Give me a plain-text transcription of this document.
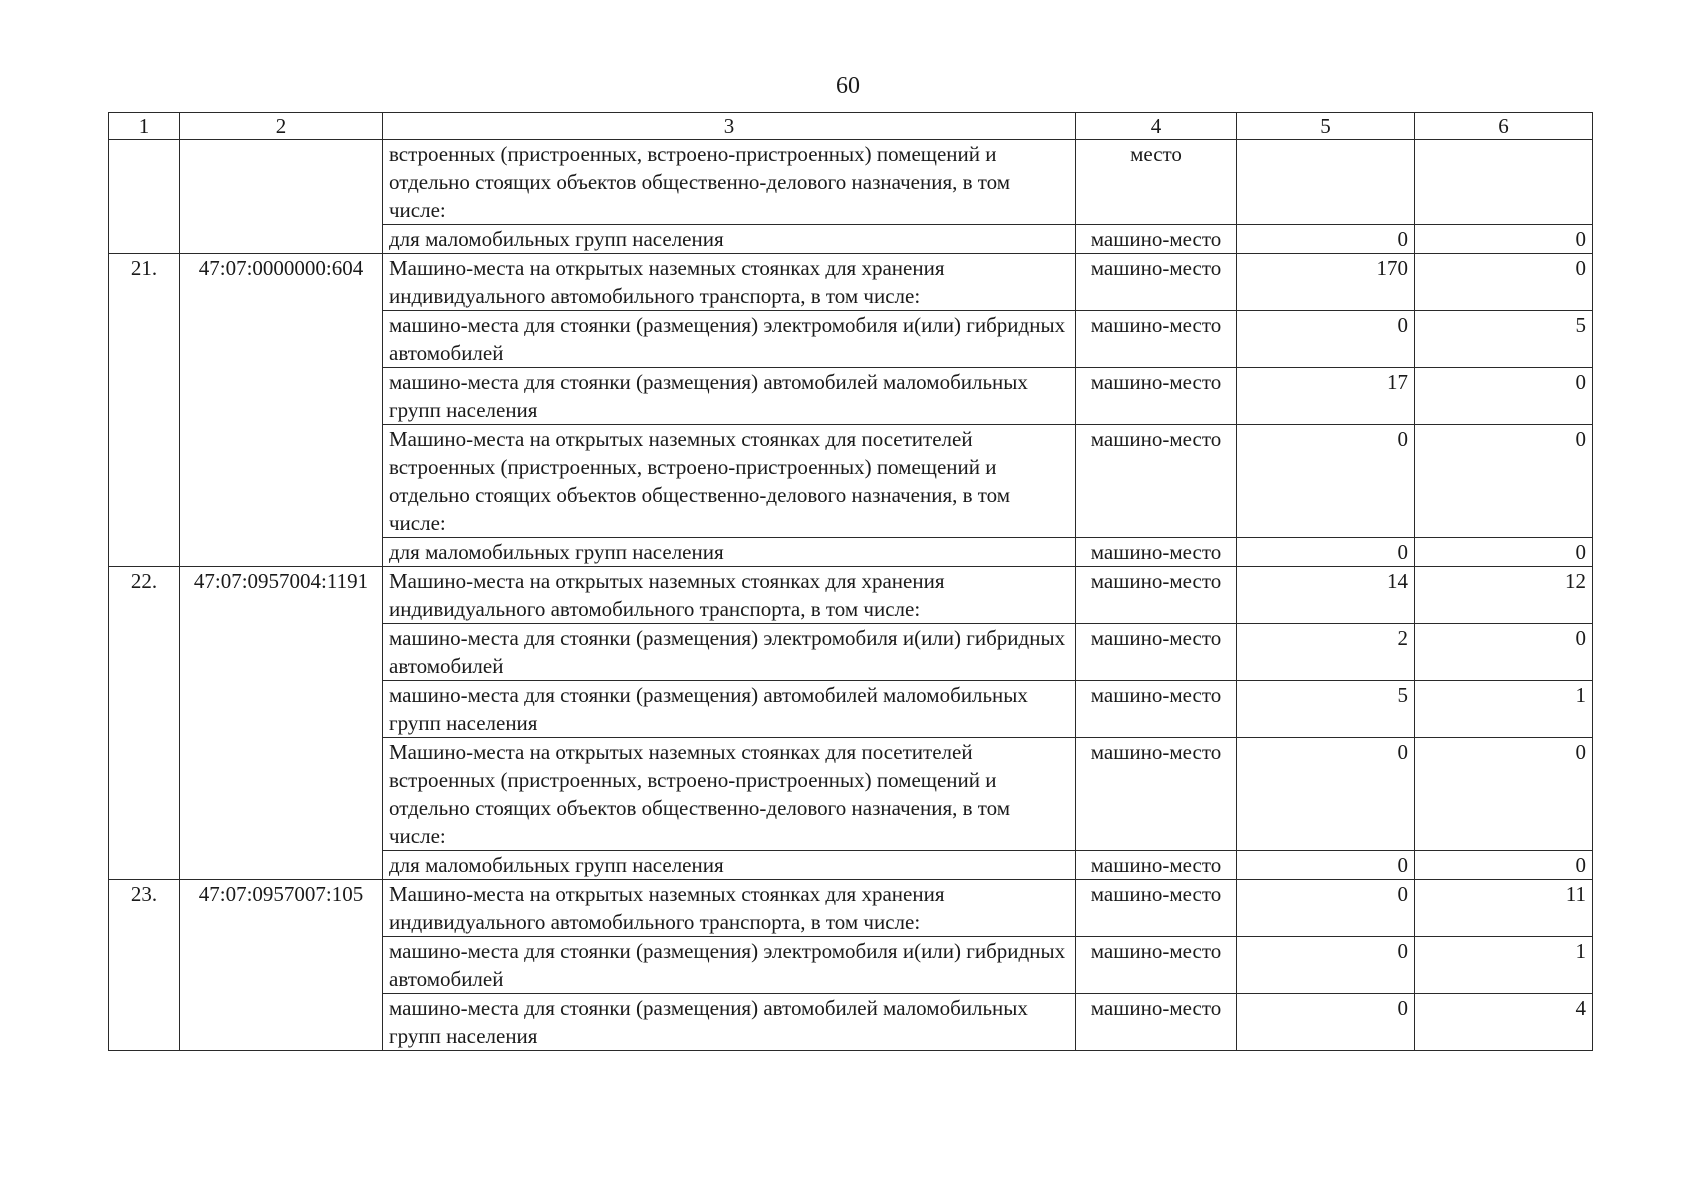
60
1	2	3	4	5	6
		встроенных (пристроенных, встроено-пристроенных) помещений и отдельно стоящих объектов общественно-делового назначения, в том числе:	место		
		для маломобильных групп населения	машино-место	0	0
21.	47:07:0000000:604	Машино-места на открытых наземных стоянках для хранения индивидуального автомобильного транспорта, в том числе:	машино-место	170	0
		машино-места для стоянки (размещения) электромобиля и(или) гибридных автомобилей	машино-место	0	5
		машино-места для стоянки (размещения) автомобилей маломобильных групп населения	машино-место	17	0
		Машино-места на открытых наземных стоянках для посетителей встроенных (пристроенных, встроено-пристроенных) помещений и отдельно стоящих объектов общественно-делового назначения, в том числе:	машино-место	0	0
		для маломобильных групп населения	машино-место	0	0
22.	47:07:0957004:1191	Машино-места на открытых наземных стоянках для хранения индивидуального автомобильного транспорта, в том числе:	машино-место	14	12
		машино-места для стоянки (размещения) электромобиля и(или) гибридных автомобилей	машино-место	2	0
		машино-места для стоянки (размещения) автомобилей маломобильных групп населения	машино-место	5	1
		Машино-места на открытых наземных стоянках для посетителей встроенных (пристроенных, встроено-пристроенных) помещений и отдельно стоящих объектов общественно-делового назначения, в том числе:	машино-место	0	0
		для маломобильных групп населения	машино-место	0	0
23.	47:07:0957007:105	Машино-места на открытых наземных стоянках для хранения индивидуального автомобильного транспорта, в том числе:	машино-место	0	11
		машино-места для стоянки (размещения) электромобиля и(или) гибридных автомобилей	машино-место	0	1
		машино-места для стоянки (размещения) автомобилей маломобильных групп населения	машино-место	0	4
